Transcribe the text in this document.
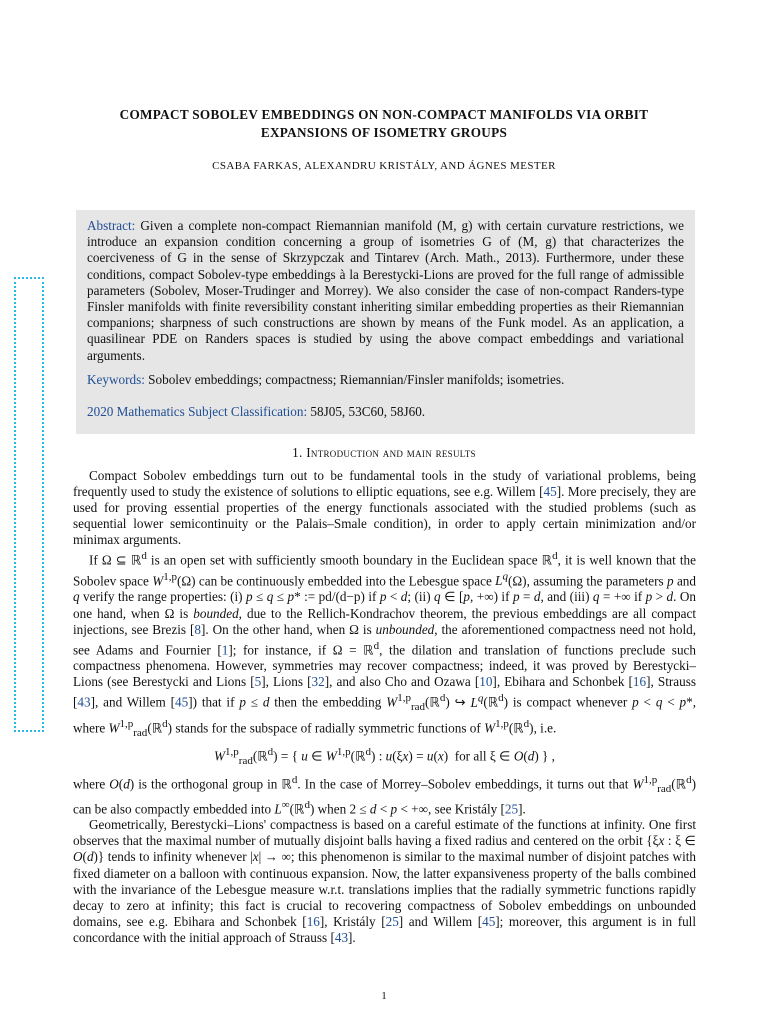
COMPACT SOBOLEV EMBEDDINGS ON NON-COMPACT MANIFOLDS VIA ORBIT EXPANSIONS OF ISOMETRY GROUPS
CSABA FARKAS, ALEXANDRU KRISTÁLY, AND ÁGNES MESTER

Abstract: Given a complete non-compact Riemannian manifold (M, g) with certain curvature restrictions, we introduce an expansion condition concerning a group of isometries G of (M, g) that characterizes the coerciveness of G in the sense of Skrzypczak and Tintarev (Arch. Math., 2013). Furthermore, under these conditions, compact Sobolev-type embeddings à la Berestycki-Lions are proved for the full range of admissible parameters (Sobolev, Moser-Trudinger and Morrey). We also consider the case of non-compact Randers-type Finsler manifolds with finite reversibility constant inheriting similar embedding properties as their Riemannian companions; sharpness of such constructions are shown by means of the Funk model. As an application, a quasilinear PDE on Randers spaces is studied by using the above compact embeddings and variational arguments.

Keywords: Sobolev embeddings; compactness; Riemannian/Finsler manifolds; isometries.
2020 Mathematics Subject Classification: 58J05, 53C60, 58J60.
1. Introduction and main results

Compact Sobolev embeddings turn out to be fundamental tools in the study of variational problems, being frequently used to study the existence of solutions to elliptic equations, see e.g. Willem [45]. More precisely, they are used for proving essential properties of the energy functionals associated with the studied problems (such as sequential lower semicontinuity or the Palais–Smale condition), in order to apply certain minimization and/or minimax arguments.

If Ω ⊆ ℝ$^d$ is an open set with sufficiently smooth boundary in the Euclidean space ℝ$^d$, it is well known that the Sobolev space W$^{1,p}$(Ω) can be continuously embedded into the Lebesgue space $L^q(\Omega)$, assuming the parameters p and q verify the range properties: (i) p ≤ q ≤ p* := pd/(d−p) if p < d; (ii) q ∈ [p, +∞) if p = d, and (iii) q = +∞ if p > d. On one hand, when Ω is bounded, due to the Rellich-Kondrachov theorem, the previous embeddings are all compact injections, see Brezis [8]. On the other hand, when Ω is unbounded, the aforementioned compactness need not hold, see Adams and Fournier [1]; for instance, if Ω = ℝ$^d$, the dilation and translation of functions preclude such compactness phenomena. However, symmetries may recover compactness; indeed, it was proved by Berestycki–Lions (see Berestycki and Lions [5], Lions [32], and also Cho and Ozawa [10], Ebihara and Schonbek [16], Strauss [43], and Willem [45]) that if p ≤ d then the embedding W$^{1,p}_{rad}$(ℝ$^d$) ↪ $L^q(ℝ^d)$ is compact whenever p < q < p*, where W$^{1,p}_{rad}$(ℝ$^d$) stands for the subspace of radially symmetric functions of W$^{1,p}$(ℝ$^d$), i.e.

W$^{1,p}_{rad}$(ℝ$^d$) = { u ∈ W$^{1,p}$(ℝ$^d$) : u(ξx) = u(x)  for all ξ ∈ O(d) } ,

where O(d) is the orthogonal group in ℝ$^d$. In the case of Morrey–Sobolev embeddings, it turns out that W$^{1,p}_{rad}$(ℝ$^d$) can be also compactly embedded into L∞(ℝ$^d$) when 2 ≤ d < p < +∞, see Kristály [25].

Geometrically, Berestycki–Lions' compactness is based on a careful estimate of the functions at infinity. One first observes that the maximal number of mutually disjoint balls having a fixed radius and centered on the orbit {ξx : ξ ∈ O(d)} tends to infinity whenever |x| → ∞; this phenomenon is similar to the maximal number of disjoint patches with fixed diameter on a balloon with continuous expansion. Now, the latter expansiveness property of the balls combined with the invariance of the Lebesgue measure w.r.t. translations implies that the radially symmetric functions rapidly decay to zero at infinity; this fact is crucial to recovering compactness of Sobolev embeddings on unbounded domains, see e.g. Ebihara and Schonbek [16], Kristály [25] and Willem [45]; moreover, this argument is in full concordance with the initial approach of Strauss [43].

1
